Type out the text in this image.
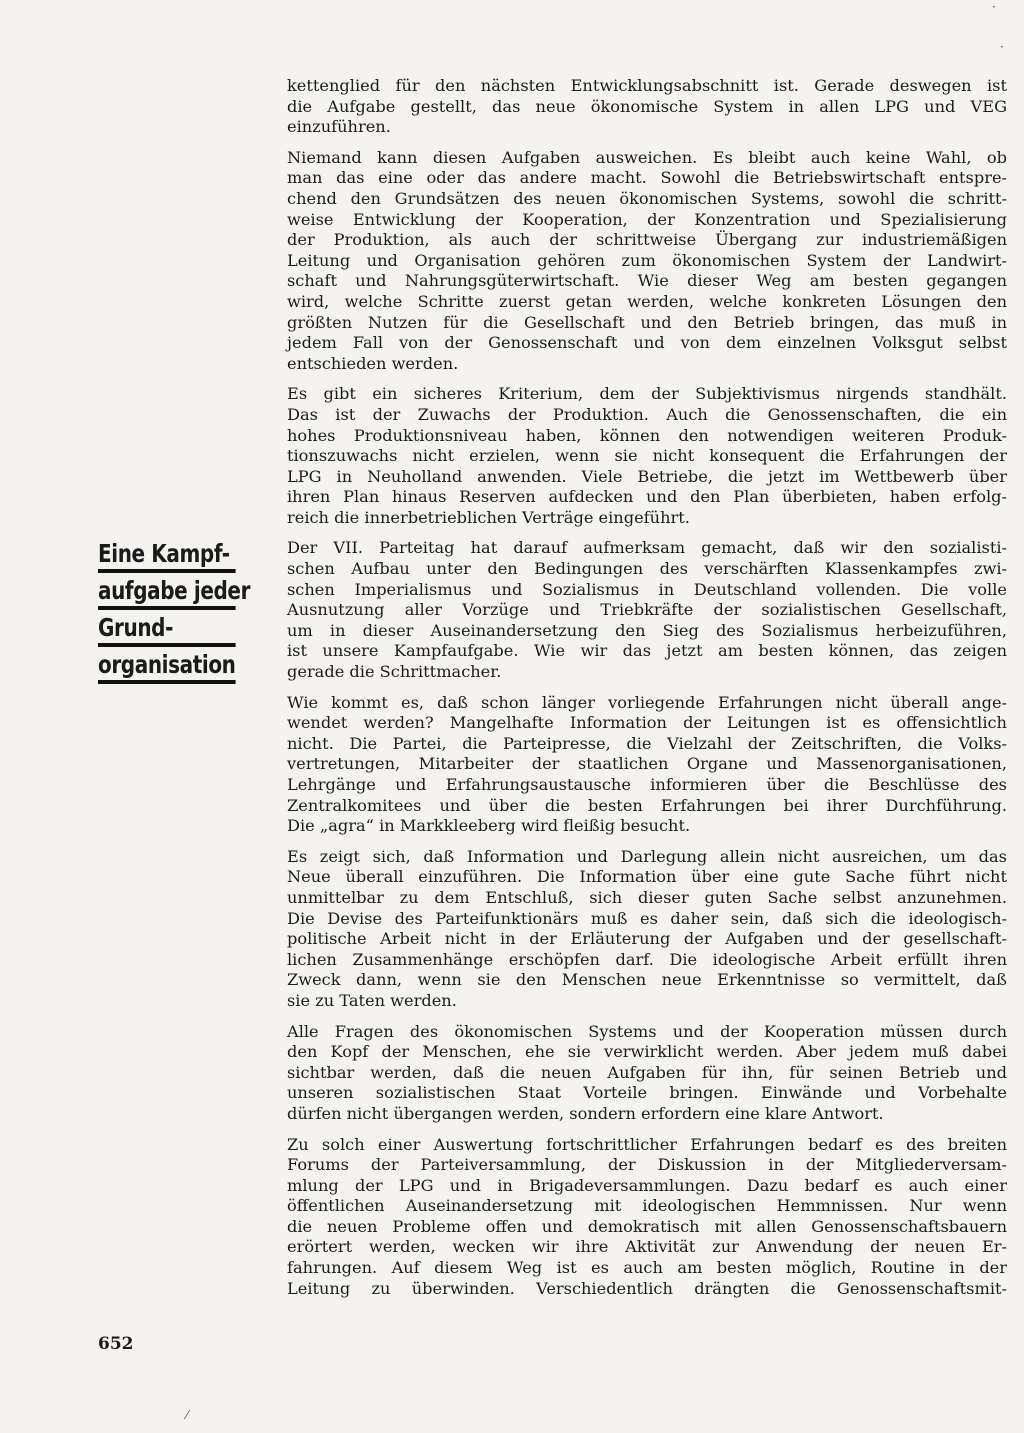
Eine Kampf-
aufgabe jeder
Grund-
organisation
kettenglied für den nächsten Entwicklungsabschnitt ist. Gerade deswegen ist
die Aufgabe gestellt, das neue ökonomische System in allen LPG und VEG
einzuführen.
Niemand kann diesen Aufgaben ausweichen. Es bleibt auch keine Wahl, ob
man das eine oder das andere macht. Sowohl die Betriebswirtschaft entspre-
chend den Grundsätzen des neuen ökonomischen Systems, sowohl die schritt-
weise Entwicklung der Kooperation, der Konzentration und Spezialisierung
der Produktion, als auch der schrittweise Übergang zur industriemäßigen
Leitung und Organisation gehören zum ökonomischen System der Landwirt-
schaft und Nahrungsgüterwirtschaft. Wie dieser Weg am besten gegangen
wird, welche Schritte zuerst getan werden, welche konkreten Lösungen den
größten Nutzen für die Gesellschaft und den Betrieb bringen, das muß in
jedem Fall von der Genossenschaft und von dem einzelnen Volksgut selbst
entschieden werden.
Es gibt ein sicheres Kriterium, dem der Subjektivismus nirgends standhält.
Das ist der Zuwachs der Produktion. Auch die Genossenschaften, die ein
hohes Produktionsniveau haben, können den notwendigen weiteren Produk-
tionszuwachs nicht erzielen, wenn sie nicht konsequent die Erfahrungen der
LPG in Neuholland anwenden. Viele Betriebe, die jetzt im Wettbewerb über
ihren Plan hinaus Reserven aufdecken und den Plan überbieten, haben erfolg-
reich die innerbetrieblichen Verträge eingeführt.
Der VII. Parteitag hat darauf aufmerksam gemacht, daß wir den sozialisti-
schen Aufbau unter den Bedingungen des verschärften Klassenkampfes zwi-
schen Imperialismus und Sozialismus in Deutschland vollenden. Die volle
Ausnutzung aller Vorzüge und Triebkräfte der sozialistischen Gesellschaft,
um in dieser Auseinandersetzung den Sieg des Sozialismus herbeizuführen,
ist unsere Kampfaufgabe. Wie wir das jetzt am besten können, das zeigen
gerade die Schrittmacher.
Wie kommt es, daß schon länger vorliegende Erfahrungen nicht überall ange-
wendet werden? Mangelhafte Information der Leitungen ist es offensichtlich
nicht. Die Partei, die Parteipresse, die Vielzahl der Zeitschriften, die Volks-
vertretungen, Mitarbeiter der staatlichen Organe und Massenorganisationen,
Lehrgänge und Erfahrungsaustausche informieren über die Beschlüsse des
Zentralkomitees und über die besten Erfahrungen bei ihrer Durchführung.
Die „agra“ in Markkleeberg wird fleißig besucht.
Es zeigt sich, daß Information und Darlegung allein nicht ausreichen, um das
Neue überall einzuführen. Die Information über eine gute Sache führt nicht
unmittelbar zu dem Entschluß, sich dieser guten Sache selbst anzunehmen.
Die Devise des Parteifunktionärs muß es daher sein, daß sich die ideologisch-
politische Arbeit nicht in der Erläuterung der Aufgaben und der gesellschaft-
lichen Zusammenhänge erschöpfen darf. Die ideologische Arbeit erfüllt ihren
Zweck dann, wenn sie den Menschen neue Erkenntnisse so vermittelt, daß
sie zu Taten werden.
Alle Fragen des ökonomischen Systems und der Kooperation müssen durch
den Kopf der Menschen, ehe sie verwirklicht werden. Aber jedem muß dabei
sichtbar werden, daß die neuen Aufgaben für ihn, für seinen Betrieb und
unseren sozialistischen Staat Vorteile bringen. Einwände und Vorbehalte
dürfen nicht übergangen werden, sondern erfordern eine klare Antwort.
Zu solch einer Auswertung fortschrittlicher Erfahrungen bedarf es des breiten
Forums der Parteiversammlung, der Diskussion in der Mitgliederversam-
mlung der LPG und in Brigadeversammlungen. Dazu bedarf es auch einer
öffentlichen Auseinandersetzung mit ideologischen Hemmnissen. Nur wenn
die neuen Probleme offen und demokratisch mit allen Genossenschaftsbauern
erörtert werden, wecken wir ihre Aktivität zur Anwendung der neuen Er-
fahrungen. Auf diesem Weg ist es auch am besten möglich, Routine in der
Leitung zu überwinden. Verschiedentlich drängten die Genossenschaftsmit-
652
·
·
⁄
